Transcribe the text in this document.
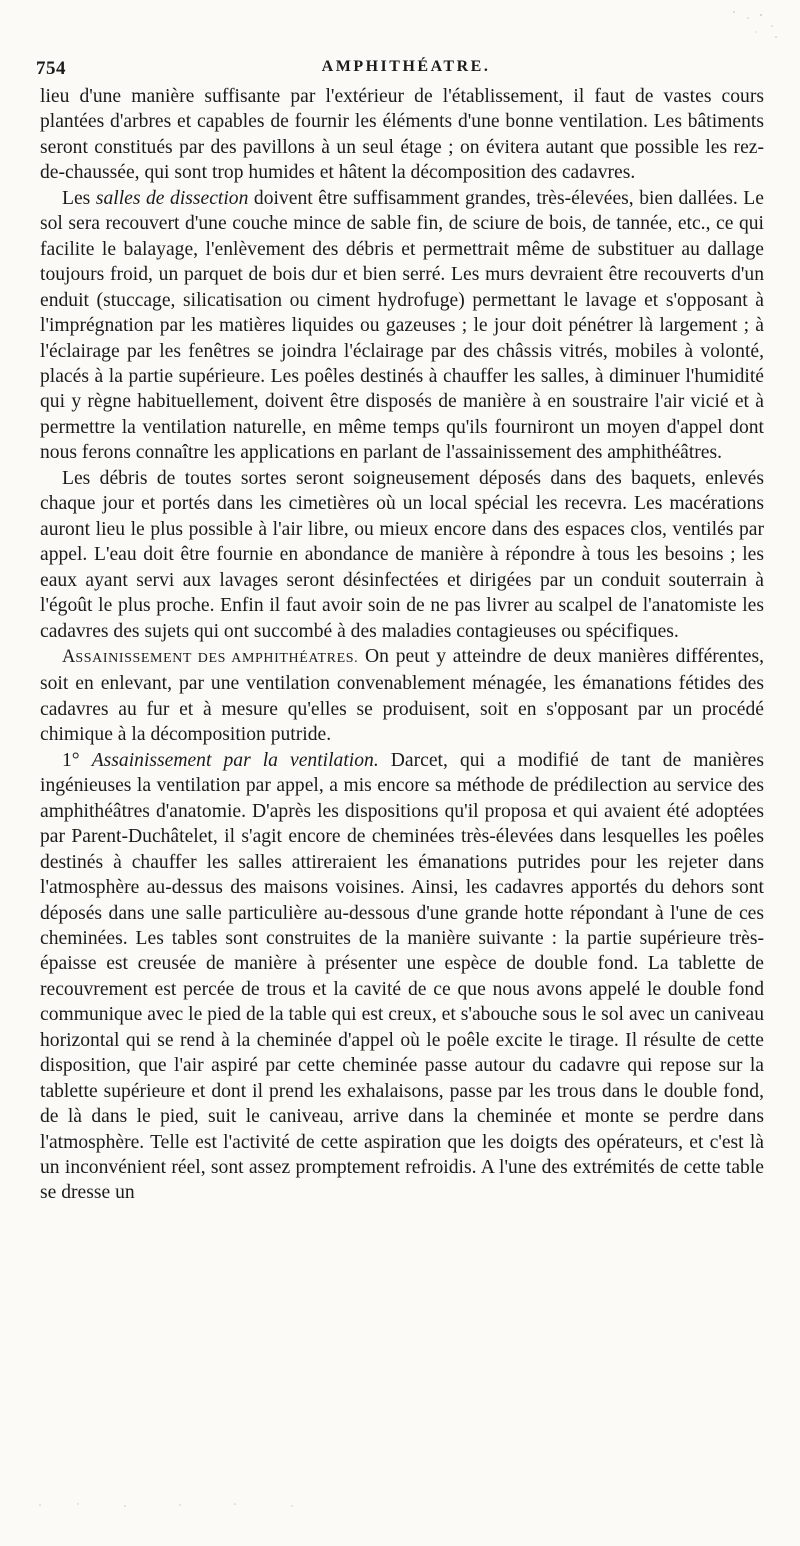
754	AMPHITHÉATRE.

lieu d'une manière suffisante par l'extérieur de l'établissement, il faut de vastes cours plantées d'arbres et capables de fournir les éléments d'une bonne ventilation. Les bâtiments seront constitués par des pavillons à un seul étage ; on évitera autant que possible les rez-de-chaussée, qui sont trop humides et hâtent la décomposition des cadavres.

Les salles de dissection doivent être suffisamment grandes, très-élevées, bien dallées. Le sol sera recouvert d'une couche mince de sable fin, de sciure de bois, de tannée, etc., ce qui facilite le balayage, l'enlèvement des débris et permettrait même de substituer au dallage toujours froid, un parquet de bois dur et bien serré. Les murs devraient être recouverts d'un enduit (stuccage, silicatisation ou ciment hydrofuge) permettant le lavage et s'opposant à l'imprégnation par les matières liquides ou gazeuses ; le jour doit pénétrer là largement ; à l'éclairage par les fenêtres se joindra l'éclairage par des châssis vitrés, mobiles à volonté, placés à la partie supérieure. Les poêles destinés à chauffer les salles, à diminuer l'humidité qui y règne habituellement, doivent être disposés de manière à en soustraire l'air vicié et à permettre la ventilation naturelle, en même temps qu'ils fourniront un moyen d'appel dont nous ferons connaître les applications en parlant de l'assainissement des amphithéâtres.

Les débris de toutes sortes seront soigneusement déposés dans des baquets, enlevés chaque jour et portés dans les cimetières où un local spécial les recevra. Les macérations auront lieu le plus possible à l'air libre, ou mieux encore dans des espaces clos, ventilés par appel. L'eau doit être fournie en abondance de manière à répondre à tous les besoins ; les eaux ayant servi aux lavages seront désinfectées et dirigées par un conduit souterrain à l'égoût le plus proche. Enfin il faut avoir soin de ne pas livrer au scalpel de l'anatomiste les cadavres des sujets qui ont succombé à des maladies contagieuses ou spécifiques.

ASSAINISSEMENT DES AMPHITHÉATRES. On peut y atteindre de deux manières différentes, soit en enlevant, par une ventilation convenablement ménagée, les émanations fétides des cadavres au fur et à mesure qu'elles se produisent, soit en s'opposant par un procédé chimique à la décomposition putride.

1° Assainissement par la ventilation. Darcet, qui a modifié de tant de manières ingénieuses la ventilation par appel, a mis encore sa méthode de prédilection au service des amphithéâtres d'anatomie. D'après les dispositions qu'il proposa et qui avaient été adoptées par Parent-Duchâtelet, il s'agit encore de cheminées très-élevées dans lesquelles les poêles destinés à chauffer les salles attireraient les émanations putrides pour les rejeter dans l'atmosphère au-dessus des maisons voisines. Ainsi, les cadavres apportés du dehors sont déposés dans une salle particulière au-dessous d'une grande hotte répondant à l'une de ces cheminées. Les tables sont construites de la manière suivante : la partie supérieure très-épaisse est creusée de manière à présenter une espèce de double fond. La tablette de recouvrement est percée de trous et la cavité de ce que nous avons appelé le double fond communique avec le pied de la table qui est creux, et s'abouche sous le sol avec un caniveau horizontal qui se rend à la cheminée d'appel où le poêle excite le tirage. Il résulte de cette disposition, que l'air aspiré par cette cheminée passe autour du cadavre qui repose sur la tablette supérieure et dont il prend les exhalaisons, passe par les trous dans le double fond, de là dans le pied, suit le caniveau, arrive dans la cheminée et monte se perdre dans l'atmosphère. Telle est l'activité de cette aspiration que les doigts des opérateurs, et c'est là un inconvénient réel, sont assez promptement refroidis. A l'une des extrémités de cette table se dresse un
